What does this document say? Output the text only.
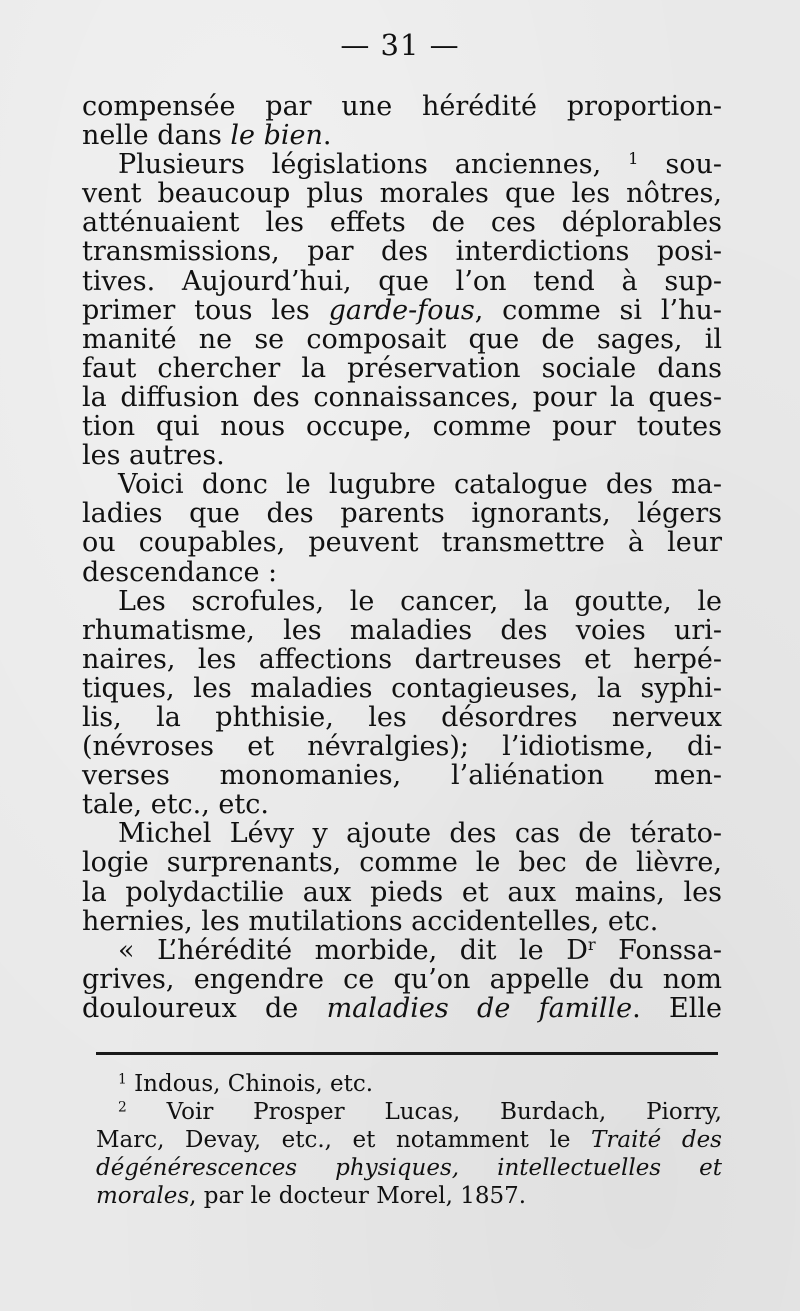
— 31 —
compensée par une hérédité proportion-
nelle dans le bien.
Plusieurs législations anciennes, $^1$ sou-
vent beaucoup plus morales que les nôtres,
atténuaient les effets de ces déplorables
transmissions, par des interdictions posi-
tives. Aujourd’hui, que l’on tend à sup-
primer tous les garde-fous, comme si l’hu-
manité ne se composait que de sages, il
faut chercher la préservation sociale dans
la diffusion des connaissances, pour la ques-
tion qui nous occupe, comme pour toutes
les autres.
Voici donc le lugubre catalogue des ma-
ladies que des parents ignorants, légers
ou coupables, peuvent transmettre à leur
descendance :
Les scrofules, le cancer, la goutte, le
rhumatisme, les maladies des voies uri-
naires, les affections dartreuses et herpé-
tiques, les maladies contagieuses, la syphi-
lis, la phthisie, les désordres nerveux
(névroses et névralgies); l’idiotisme, di-
verses monomanies, l’aliénation men-
tale, etc., etc.
Michel Lévy y ajoute des cas de térato-
logie surprenants, comme le bec de lièvre,
la polydactilie aux pieds et aux mains, les
hernies, les mutilations accidentelles, etc.
« L’hérédité morbide, dit le $D^r$ Fonssa-
grives, engendre ce qu’on appelle du nom
douloureux de maladies de famille. Elle
$^1$ Indous, Chinois, etc.
$^2$ Voir Prosper Lucas, Burdach, Piorry,
Marc, Devay, etc., et notamment le Traité des
dégénérescences physiques, intellectuelles et
morales, par le docteur Morel, 1857.
